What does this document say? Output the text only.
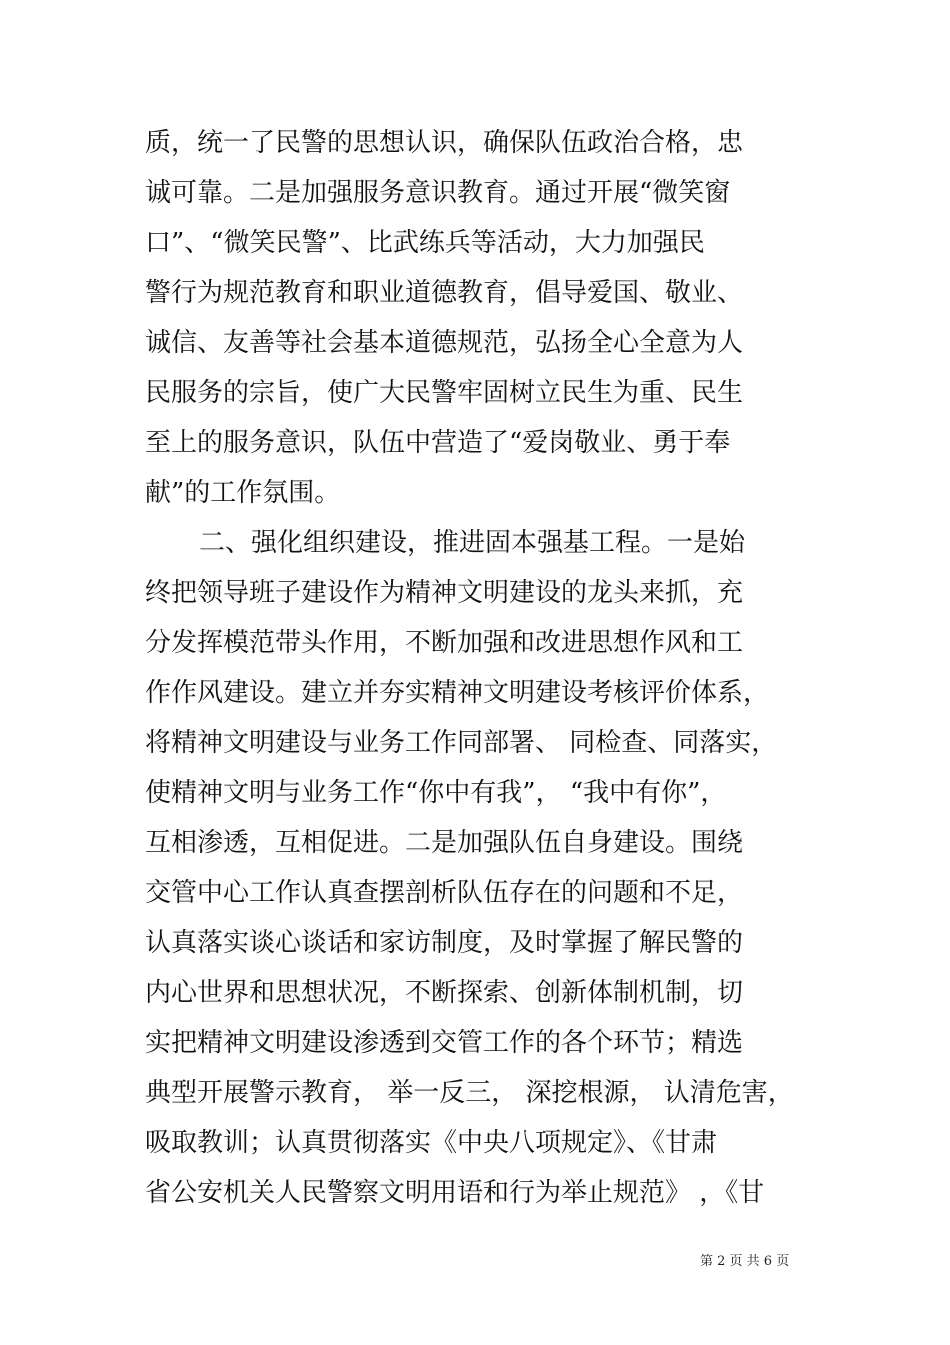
质，统一了民警的思想认识，确保队伍政治合格，忠
诚可靠。二是加强服务意识教育。通过开展“微笑窗
口”、“微笑民警”、比武练兵等活动，大力加强民
警行为规范教育和职业道德教育，倡导爱国、敬业、
诚信、友善等社会基本道德规范，弘扬全心全意为人
民服务的宗旨，使广大民警牢固树立民生为重、民生
至上的服务意识，队伍中营造了“爱岗敬业、勇于奉
献”的工作氛围。
二、强化组织建设，推进固本强基工程。一是始
终把领导班子建设作为精神文明建设的龙头来抓，充
分发挥模范带头作用，不断加强和改进思想作风和工
作作风建设。建立并夯实精神文明建设考核评价体系，
将精神文明建设与业务工作同部署、 同检查、同落实，
使精神文明与业务工作“你中有我”， “我中有你”，
互相渗透，互相促进。二是加强队伍自身建设。围绕
交管中心工作认真查摆剖析队伍存在的问题和不足，
认真落实谈心谈话和家访制度，及时掌握了解民警的
内心世界和思想状况，不断探索、创新体制机制，切
实把精神文明建设渗透到交管工作的各个环节；精选
典型开展警示教育， 举一反三， 深挖根源， 认清危害，
吸取教训；认真贯彻落实《中央八项规定》、《甘肃
省公安机关人民警察文明用语和行为举止规范》 ，《甘
第 2 页 共 6 页
